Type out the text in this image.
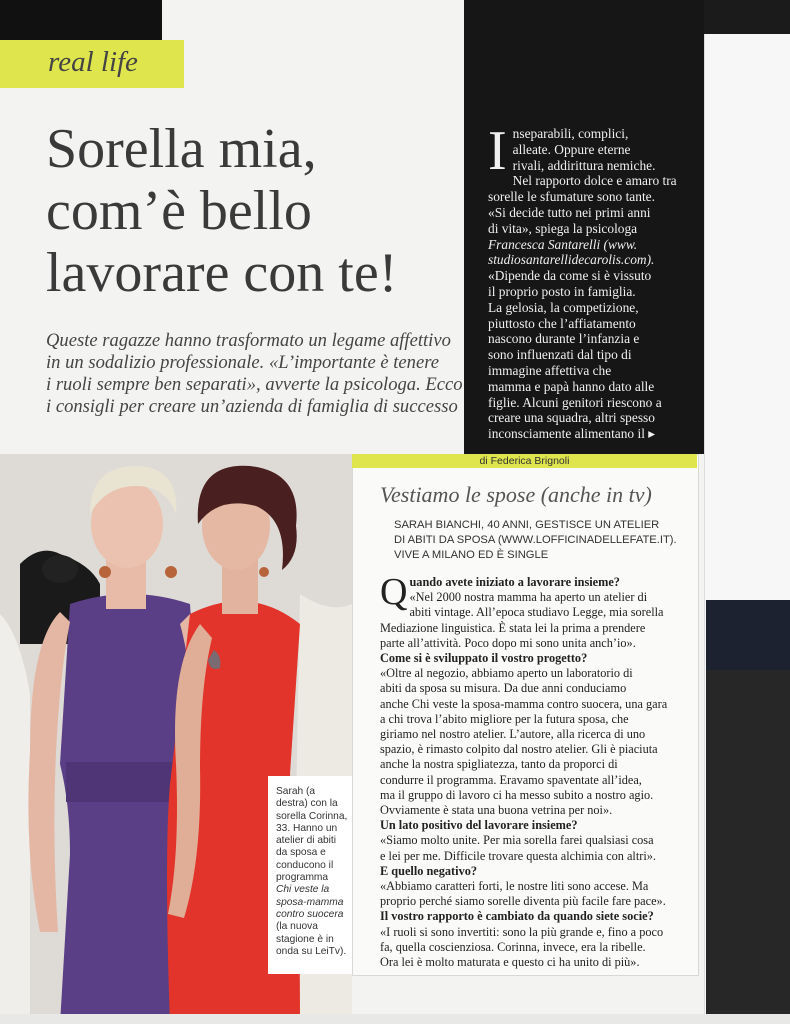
real life
Sorella mia,
com’è bello
lavorare con te!
Queste ragazze hanno trasformato un legame affettivo
in un sodalizio professionale. «L’importante è tenere
i ruoli sempre ben separati», avverte la psicologa. Ecco
i consigli per creare un’azienda di famiglia di successo
I nseparabili, complici,
alleate. Oppure eterne
rivali, addirittura nemiche.
Nel rapporto dolce e amaro tra
sorelle le sfumature sono tante.
«Si decide tutto nei primi anni
di vita», spiega la psicologa
Francesca Santarelli (www.
studiosantarellidecarolis.com).
«Dipende da come si è vissuto
il proprio posto in famiglia.
La gelosia, la competizione,
piuttosto che l’affiatamento
nascono durante l’infanzia e
sono influenzati dal tipo di
immagine affettiva che
mamma e papà hanno dato alle
figlie. Alcuni genitori riescono a
creare una squadra, altri spesso
inconsciamente alimentano il ▸
Sarah (a
destra) con la
sorella Corinna,
33. Hanno un
atelier di abiti
da sposa e
conducono il
programma
Chi veste la
sposa-mamma
contro suocera
(la nuova
stagione è in
onda su LeiTv).
di Federica Brignoli
Vestiamo le spose (anche in tv)
SARAH BIANCHI, 40 ANNI, GESTISCE UN ATELIER
DI ABITI DA SPOSA (WWW.LOFFICINADELLEFATE.IT).
VIVE A MILANO ED È SINGLE
Q uando avete iniziato a lavorare insieme?
«Nel 2000 nostra mamma ha aperto un atelier di
abiti vintage. All’epoca studiavo Legge, mia sorella
Mediazione linguistica. È stata lei la prima a prendere
parte all’attività. Poco dopo mi sono unita anch’io».
Come si è sviluppato il vostro progetto?
«Oltre al negozio, abbiamo aperto un laboratorio di
abiti da sposa su misura. Da due anni conduciamo
anche Chi veste la sposa-mamma contro suocera, una gara
a chi trova l’abito migliore per la futura sposa, che
giriamo nel nostro atelier. L’autore, alla ricerca di uno
spazio, è rimasto colpito dal nostro atelier. Gli è piaciuta
anche la nostra spigliatezza, tanto da proporci di
condurre il programma. Eravamo spaventate all’idea,
ma il gruppo di lavoro ci ha messo subito a nostro agio.
Ovviamente è stata una buona vetrina per noi».
Un lato positivo del lavorare insieme?
«Siamo molto unite. Per mia sorella farei qualsiasi cosa
e lei per me. Difficile trovare questa alchimia con altri».
E quello negativo?
«Abbiamo caratteri forti, le nostre liti sono accese. Ma
proprio perché siamo sorelle diventa più facile fare pace».
Il vostro rapporto è cambiato da quando siete socie?
«I ruoli si sono invertiti: sono la più grande e, fino a poco
fa, quella coscienziosa. Corinna, invece, era la ribelle.
Ora lei è molto maturata e questo ci ha unito di più».
